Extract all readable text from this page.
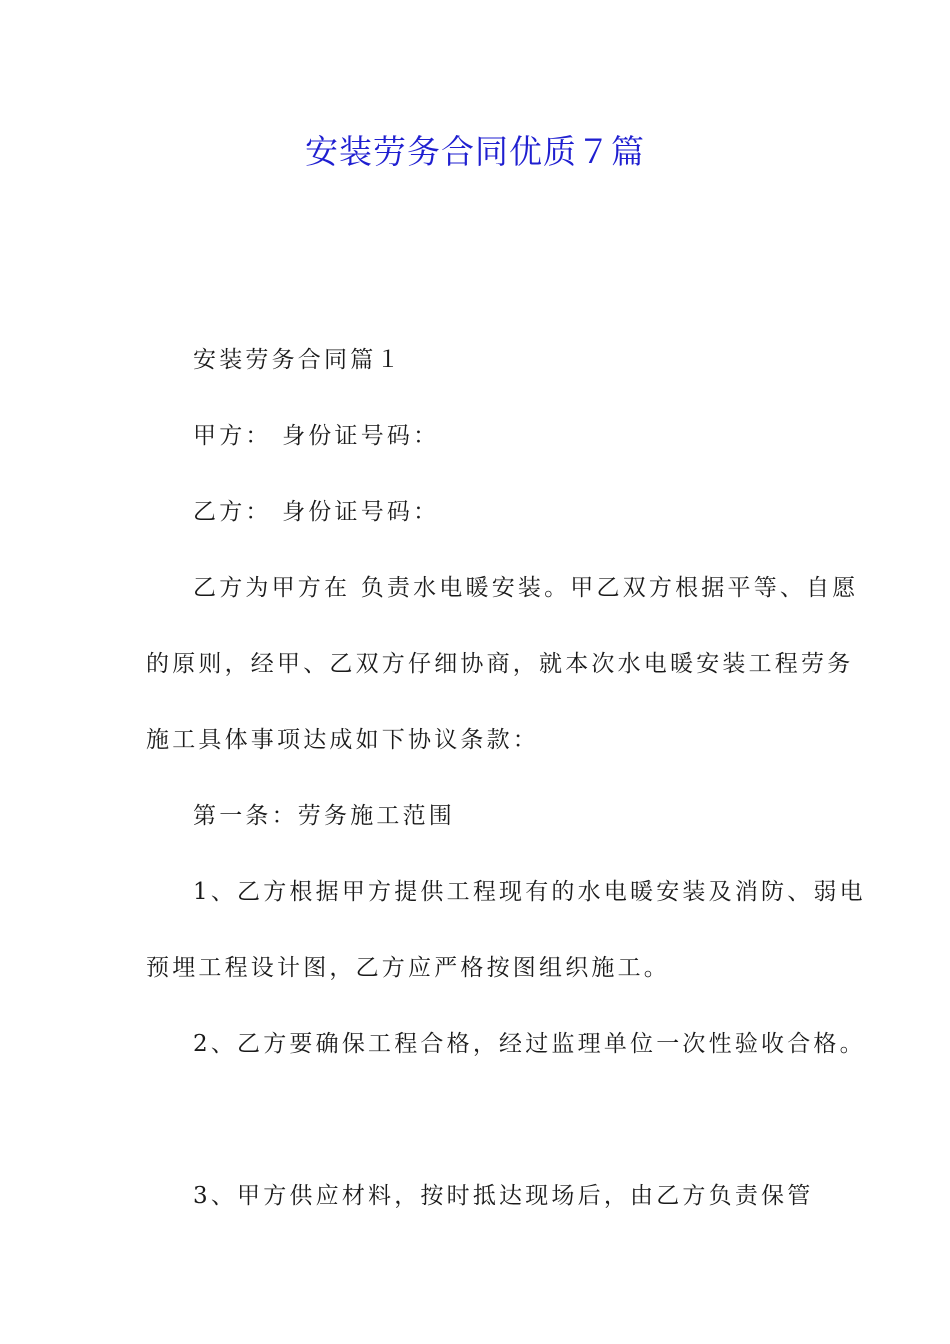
安装劳务合同优质７篇
安装劳务合同篇１
甲方： 身份证号码：
乙方： 身份证号码：
乙方为甲方在 负责水电暖安装。甲乙双方根据平等、自愿
的原则，经甲、乙双方仔细协商，就本次水电暖安装工程劳务
施工具体事项达成如下协议条款：
第一条：劳务施工范围
1、乙方根据甲方提供工程现有的水电暖安装及消防、弱电
预埋工程设计图，乙方应严格按图组织施工。
2、乙方要确保工程合格，经过监理单位一次性验收合格。
3、甲方供应材料，按时抵达现场后，由乙方负责保管
